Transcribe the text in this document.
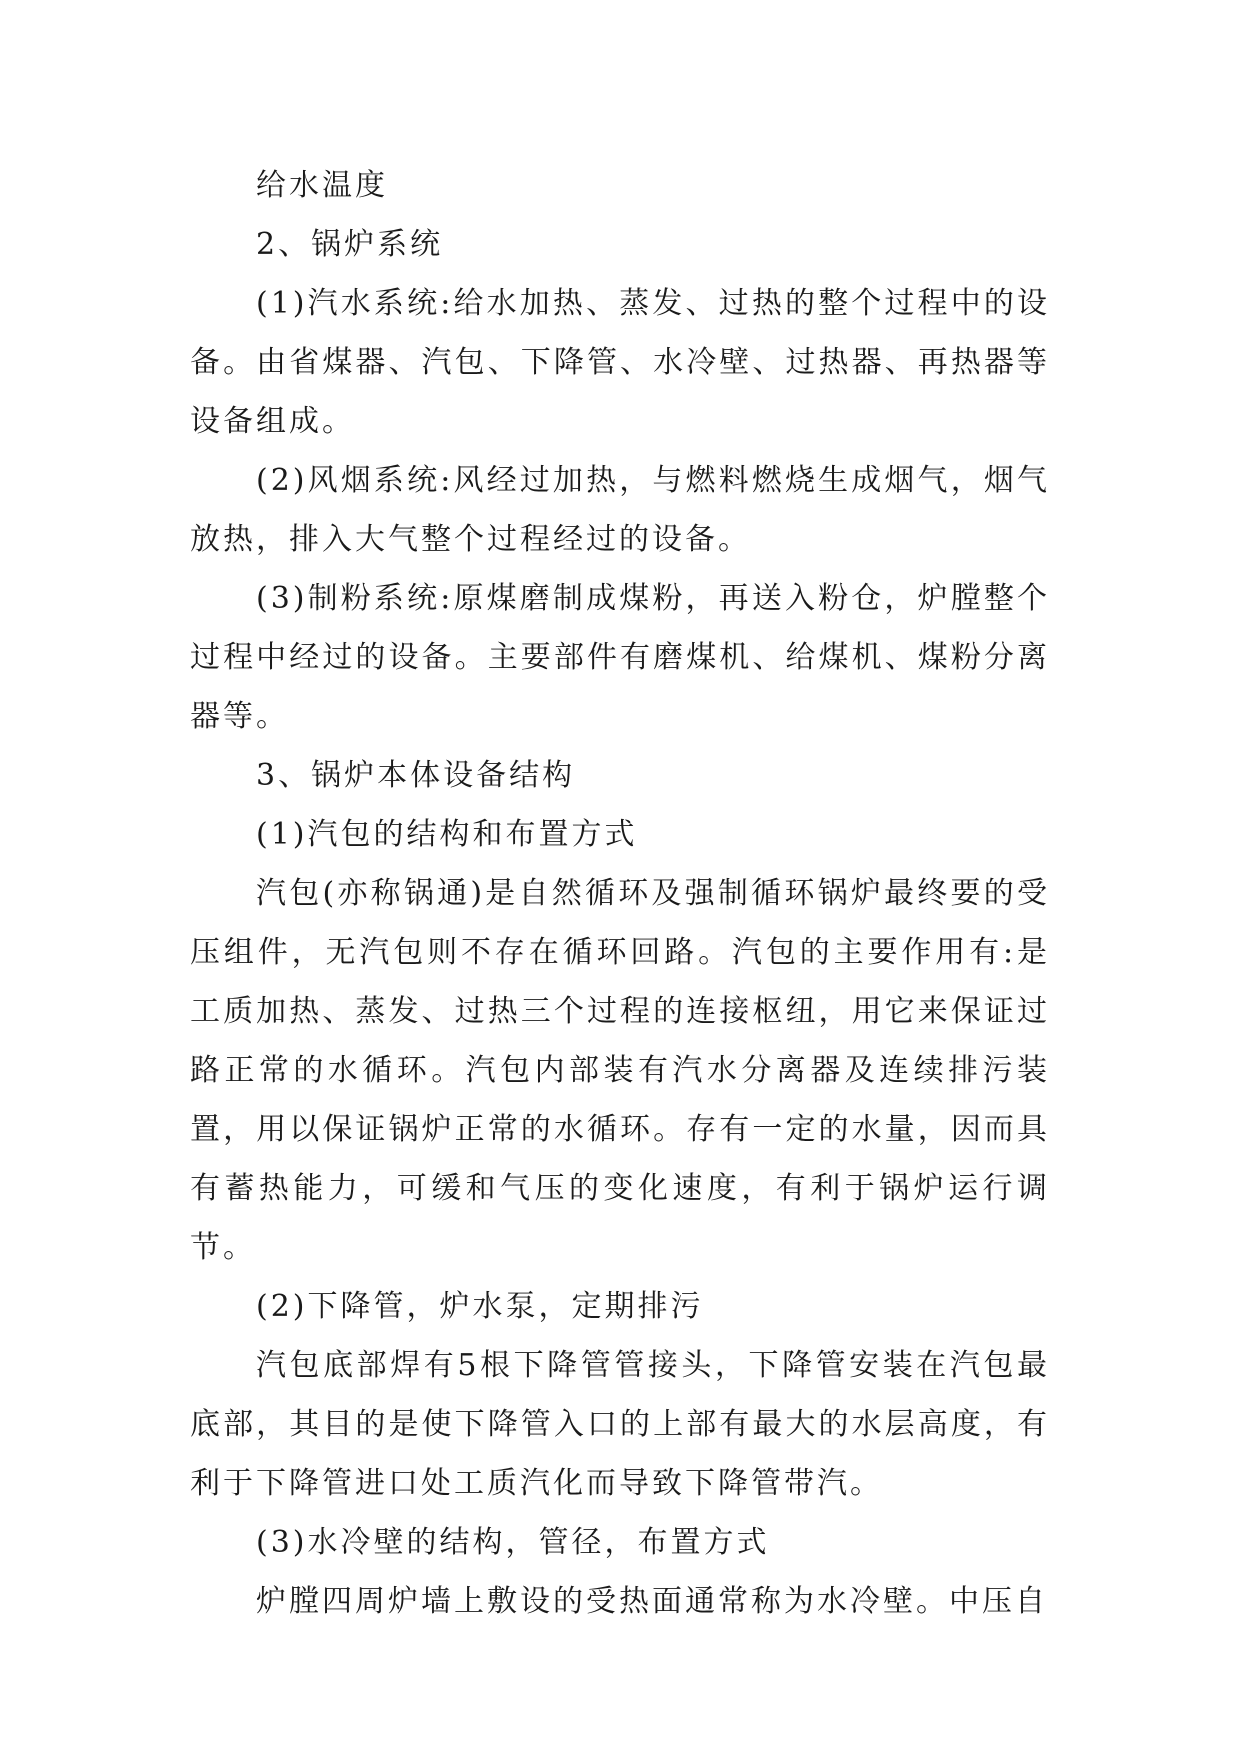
给水温度

2、锅炉系统

(1)汽水系统:给水加热、蒸发、过热的整个过程中的设备。由省煤器、汽包、下降管、水冷壁、过热器、再热器等设备组成。

(2)风烟系统:风经过加热，与燃料燃烧生成烟气，烟气放热，排入大气整个过程经过的设备。

(3)制粉系统:原煤磨制成煤粉，再送入粉仓，炉膛整个过程中经过的设备。主要部件有磨煤机、给煤机、煤粉分离器等。

3、锅炉本体设备结构

(1)汽包的结构和布置方式

汽包(亦称锅通)是自然循环及强制循环锅炉最终要的受压组件，无汽包则不存在循环回路。汽包的主要作用有:是工质加热、蒸发、过热三个过程的连接枢纽，用它来保证过路正常的水循环。汽包内部装有汽水分离器及连续排污装置，用以保证锅炉正常的水循环。存有一定的水量，因而具有蓄热能力，可缓和气压的变化速度，有利于锅炉运行调节。

(2)下降管，炉水泵，定期排污

汽包底部焊有5根下降管管接头，下降管安装在汽包最底部，其目的是使下降管入口的上部有最大的水层高度，有利于下降管进口处工质汽化而导致下降管带汽。

(3)水冷壁的结构，管径，布置方式

炉膛四周炉墙上敷设的受热面通常称为水冷壁。中压自
